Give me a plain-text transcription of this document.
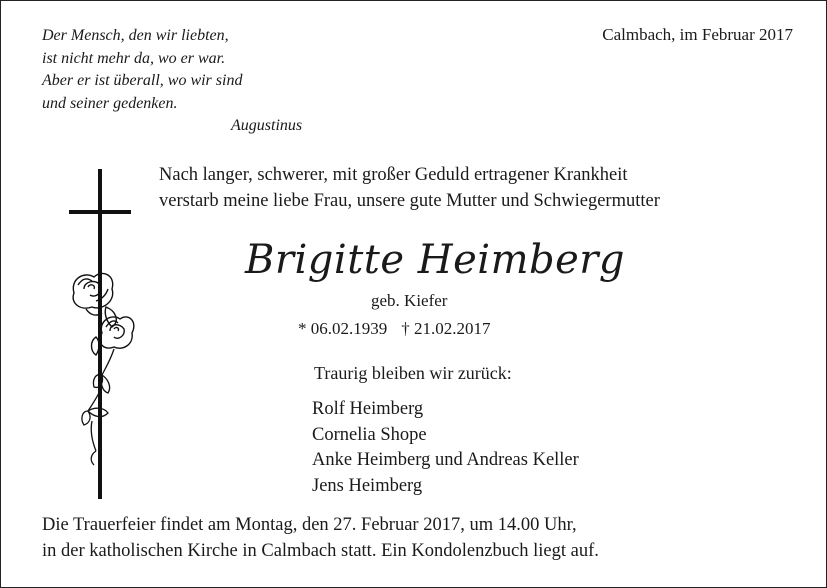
Der Mensch, den wir liebten,
ist nicht mehr da, wo er war.
Aber er ist überall, wo wir sind
und seiner gedenken.
Augustinus
Calmbach, im Februar 2017
Nach langer, schwerer, mit großer Geduld ertragener Krankheit
verstarb meine liebe Frau, unsere gute Mutter und Schwiegermutter
Brigitte Heimberg
geb. Kiefer
* 06.02.1939 † 21.02.2017
Traurig bleiben wir zurück:
Rolf Heimberg
Cornelia Shope
Anke Heimberg und Andreas Keller
Jens Heimberg
Die Trauerfeier findet am Montag, den 27. Februar 2017, um 14.00 Uhr,
in der katholischen Kirche in Calmbach statt. Ein Kondolenzbuch liegt auf.
